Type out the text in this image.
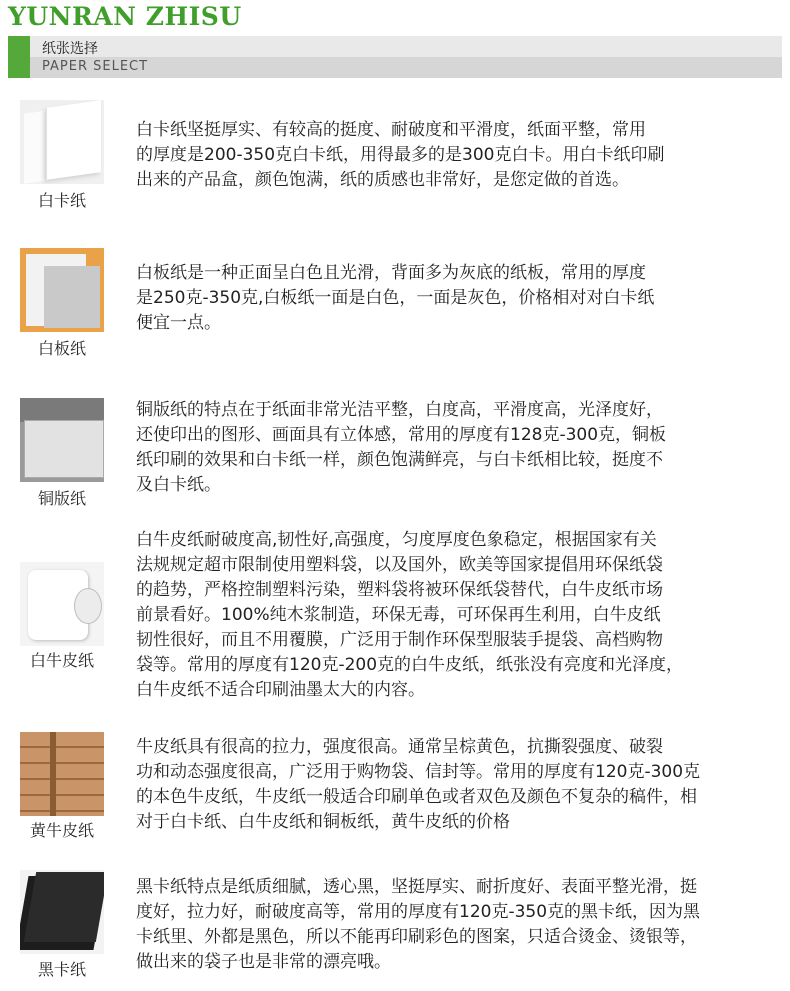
YUNRAN ZHISU
纸张选择
PAPER SELECT
白卡纸
白卡纸坚挺厚实、有较高的挺度、耐破度和平滑度，纸面平整，常用
的厚度是200-350克白卡纸，用得最多的是300克白卡。用白卡纸印刷
出来的产品盒，颜色饱满，纸的质感也非常好，是您定做的首选。
白板纸
白板纸是一种正面呈白色且光滑，背面多为灰底的纸板，常用的厚度
是250克-350克,白板纸一面是白色，一面是灰色，价格相对对白卡纸
便宜一点。
铜版纸
铜版纸的特点在于纸面非常光洁平整，白度高，平滑度高，光泽度好，
还使印出的图形、画面具有立体感，常用的厚度有128克-300克，铜板
纸印刷的效果和白卡纸一样，颜色饱满鲜亮，与白卡纸相比较，挺度不
及白卡纸。
白牛皮纸
白牛皮纸耐破度高,韧性好,高强度，匀度厚度色象稳定，根据国家有关
法规规定超市限制使用塑料袋，以及国外，欧美等国家提倡用环保纸袋
的趋势，严格控制塑料污染，塑料袋将被环保纸袋替代，白牛皮纸市场
前景看好。100%纯木浆制造，环保无毒，可环保再生利用，白牛皮纸
韧性很好，而且不用覆膜，广泛用于制作环保型服装手提袋、高档购物
袋等。常用的厚度有120克-200克的白牛皮纸，纸张没有亮度和光泽度，
白牛皮纸不适合印刷油墨太大的内容。
黄牛皮纸
牛皮纸具有很高的拉力，强度很高。通常呈棕黄色，抗撕裂强度、破裂
功和动态强度很高，广泛用于购物袋、信封等。常用的厚度有120克-300克
的本色牛皮纸，牛皮纸一般适合印刷单色或者双色及颜色不复杂的稿件，相
对于白卡纸、白牛皮纸和铜板纸，黄牛皮纸的价格
黑卡纸
黑卡纸特点是纸质细腻，透心黑，坚挺厚实、耐折度好、表面平整光滑，挺
度好，拉力好，耐破度高等，常用的厚度有120克-350克的黑卡纸，因为黑
卡纸里、外都是黑色，所以不能再印刷彩色的图案，只适合烫金、烫银等，
做出来的袋子也是非常的漂亮哦。
